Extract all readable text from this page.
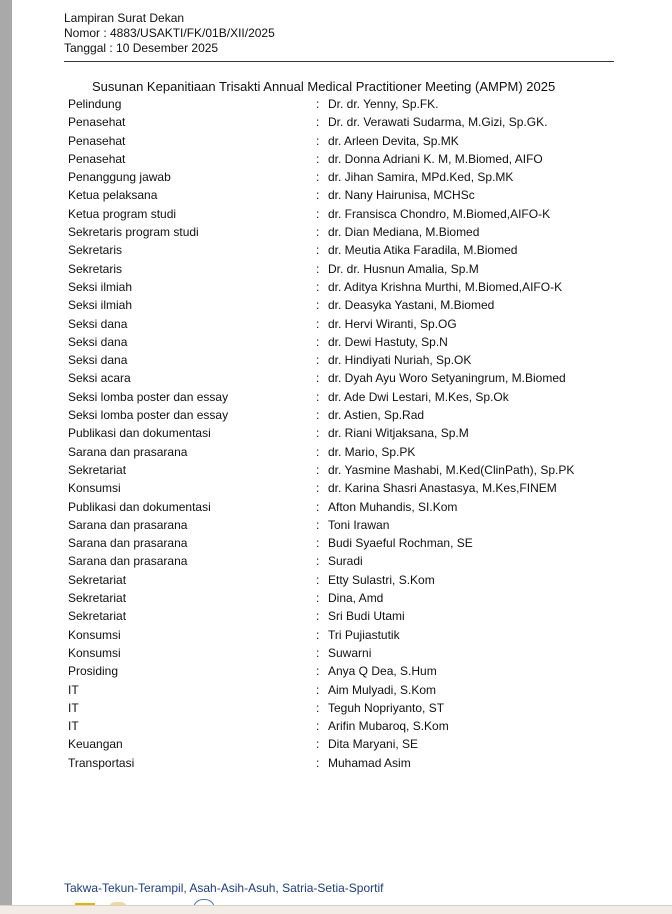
Lampiran Surat Dekan
Nomor : 4883/USAKTI/FK/01B/XII/2025
Tanggal : 10 Desember 2025
Susunan Kepanitiaan Trisakti Annual Medical Practitioner Meeting (AMPM) 2025
Pelindung	: Dr. dr. Yenny, Sp.FK.
Penasehat	: Dr. dr. Verawati Sudarma, M.Gizi, Sp.GK.
Penasehat	: dr. Arleen Devita, Sp.MK
Penasehat	: dr. Donna Adriani K. M, M.Biomed, AIFO
Penanggung jawab	: dr. Jihan Samira, MPd.Ked, Sp.MK
Ketua pelaksana	: dr. Nany Hairunisa, MCHSc
Ketua program studi	: dr. Fransisca Chondro, M.Biomed,AIFO-K
Sekretaris program studi	: dr. Dian Mediana, M.Biomed
Sekretaris	: dr. Meutia Atika Faradila, M.Biomed
Sekretaris	: Dr. dr. Husnun Amalia, Sp.M
Seksi ilmiah	: dr. Aditya Krishna Murthi, M.Biomed,AIFO-K
Seksi ilmiah	: dr. Deasyka Yastani, M.Biomed
Seksi dana	: dr. Hervi Wiranti, Sp.OG
Seksi dana	: dr. Dewi Hastuty, Sp.N
Seksi dana	: dr. Hindiyati Nuriah, Sp.OK
Seksi acara	: dr. Dyah Ayu Woro Setyaningrum, M.Biomed
Seksi lomba poster dan essay	: dr. Ade Dwi Lestari, M.Kes, Sp.Ok
Seksi lomba poster dan essay	: dr. Astien, Sp.Rad
Publikasi dan dokumentasi	: dr. Riani Witjaksana, Sp.M
Sarana dan prasarana	: dr. Mario, Sp.PK
Sekretariat	: dr. Yasmine Mashabi, M.Ked(ClinPath), Sp.PK
Konsumsi	: dr. Karina Shasri Anastasya, M.Kes,FINEM
Publikasi dan dokumentasi	: Afton Muhandis, SI.Kom
Sarana dan prasarana	: Toni Irawan
Sarana dan prasarana	: Budi Syaeful Rochman, SE
Sarana dan prasarana	: Suradi
Sekretariat	: Etty Sulastri, S.Kom
Sekretariat	: Dina, Amd
Sekretariat	: Sri Budi Utami
Konsumsi	: Tri Pujiastutik
Konsumsi	: Suwarni
Prosiding	: Anya Q Dea, S.Hum
IT	: Aim Mulyadi, S.Kom
IT	: Teguh Nopriyanto, ST
IT	: Arifin Mubaroq, S.Kom
Keuangan	: Dita Maryani, SE
Transportasi	: Muhamad Asim
Takwa-Tekun-Terampil, Asah-Asih-Asuh, Satria-Setia-Sportif
